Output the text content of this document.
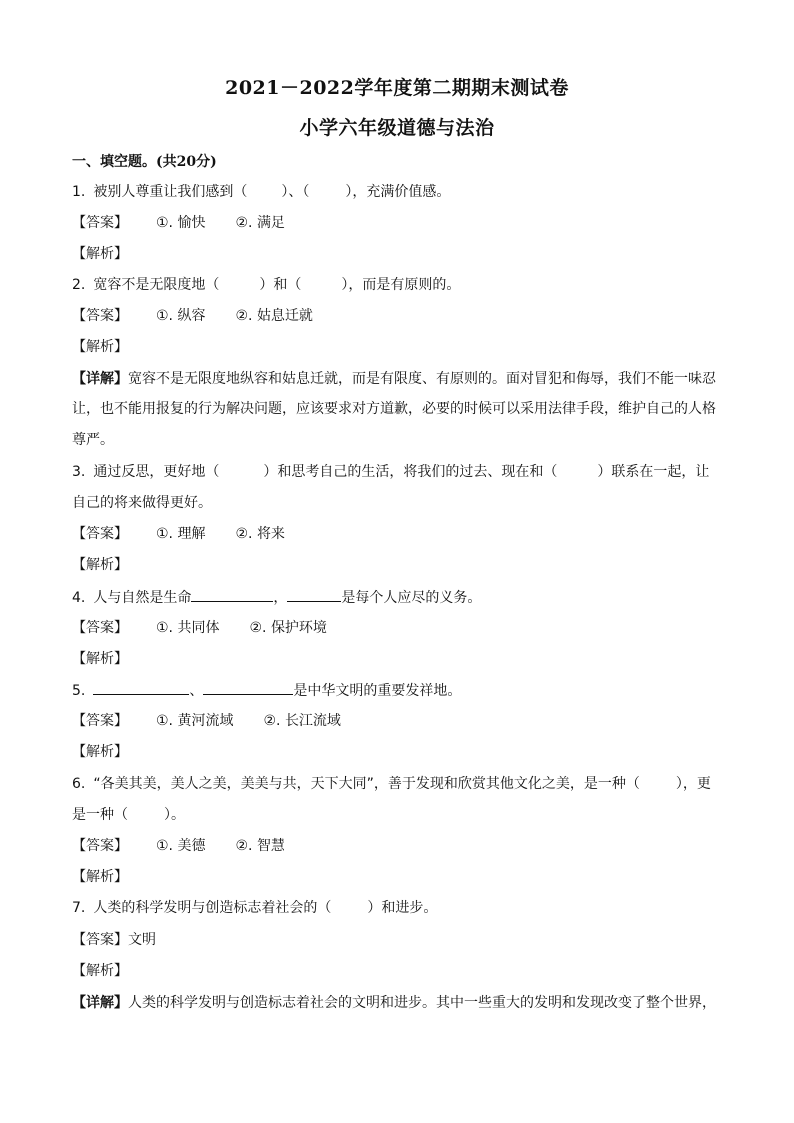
2021－2022学年度第二期期末测试卷
小学六年级道德与法治
一、填空题。(共20分)
1. 被别人尊重让我们感到（ ）、（	），充满价值感。
【答案】 ①. 愉快 ②. 满足
【解析】
2. 宽容不是无限度地（	）和（	），而是有原则的。
【答案】 ①. 纵容 ②. 姑息迁就
【解析】
【详解】宽容不是无限度地纵容和姑息迁就，而是有限度、有原则的。面对冒犯和侮辱，我们不能一味忍
让，也不能用报复的行为解决问题，应该要求对方道歉，必要的时候可以采用法律手段，维护自己的人格
尊严。
3. 通过反思，更好地（	）和思考自己的生活，将我们的过去、现在和（	）联系在一起，让
自己的将来做得更好。
【答案】 ①. 理解 ②. 将来
【解析】
4. 人与自然是生命	，	是每个人应尽的义务。
【答案】 ①. 共同体 ②. 保护环境
【解析】
5.	、	是中华文明的重要发祥地。
【答案】 ①. 黄河流域 ②. 长江流域
【解析】
6. “各美其美，美人之美，美美与共，天下大同”，善于发现和欣赏其他文化之美，是一种（	），更
是一种（	）。
【答案】 ①. 美德 ②. 智慧
【解析】
7. 人类的科学发明与创造标志着社会的（	）和进步。
【答案】文明
【解析】
【详解】人类的科学发明与创造标志着社会的文明和进步。其中一些重大的发明和发现改变了整个世界，
